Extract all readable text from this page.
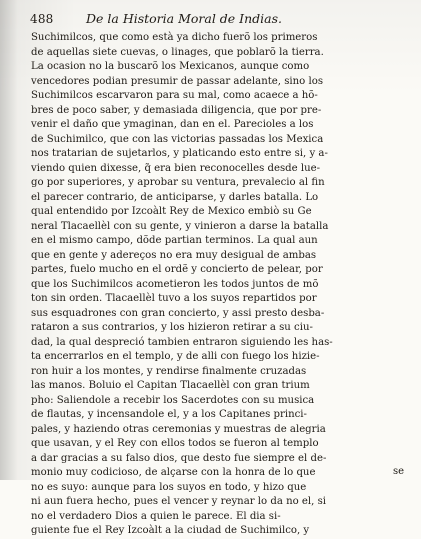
488	De la Historia Moral de Indias.
Suchimilcos, que como està ya dicho fuerõ los primeros
de aquellas siete cuevas, o linages, que poblarõ la tierra.
La ocasion no la buscarõ los Mexicanos, aunque como
vencedores podian presumir de passar adelante, sino los
Suchimilcos escarvaron para su mal, como acaece a hõ-
bres de poco saber, y demasiada diligencia, que por pre-
venir el daño que ymaginan, dan en el. Parecioles a los
de Suchimilco, que con las victorias passadas los Mexica
nos tratarian de sujetarlos, y platicando esto entre si, y a-
viendo quien dixesse, q̃ era bien reconocelles desde lue-
go por superiores, y aprobar su ventura, prevalecio al fin
el parecer contrario, de anticiparse, y darles batalla. Lo
qual entendido por Izcoàlt Rey de Mexico embiò su Ge
neral Tlacaellèl con su gente, y vinieron a darse la batalla
en el mismo campo, dõde partian terminos. La qual aun
que en gente y adereços no era muy desigual de ambas
partes, fuelo mucho en el ordẽ y concierto de pelear, por
que los Suchimilcos acometieron les todos juntos de mõ
ton sin orden. Tlacaellèl tuvo a los suyos repartidos por
sus esquadrones con gran concierto, y assi presto desba-
rataron a sus contrarios, y los hizieron retirar a su ciu-
dad, la qual despreció tambien entraron siguiendo les has-
ta encerrarlos en el templo, y de alli con fuego los hizie-
ron huir a los montes, y rendirse finalmente cruzadas
las manos. Boluio el Capitan Tlacaellèl con gran trium
pho: Saliendole a recebir los Sacerdotes con su musica
de flautas, y incensandole el, y a los Capitanes princi-
pales, y haziendo otras ceremonias y muestras de alegria
que usavan, y el Rey con ellos todos se fueron al templo
a dar gracias a su falso dios, que desto fue siempre el de-
monio muy codicioso, de alçarse con la honra de lo que
no es suyo: aunque para los suyos en todo, y hizo que
ni aun fuera hecho, pues el vencer y reynar lo da no el, si
no el verdadero Dios a quien le parece. El dia si-
guiente fue el Rey Izcoàlt a la ciudad de Suchimilco, y
se
